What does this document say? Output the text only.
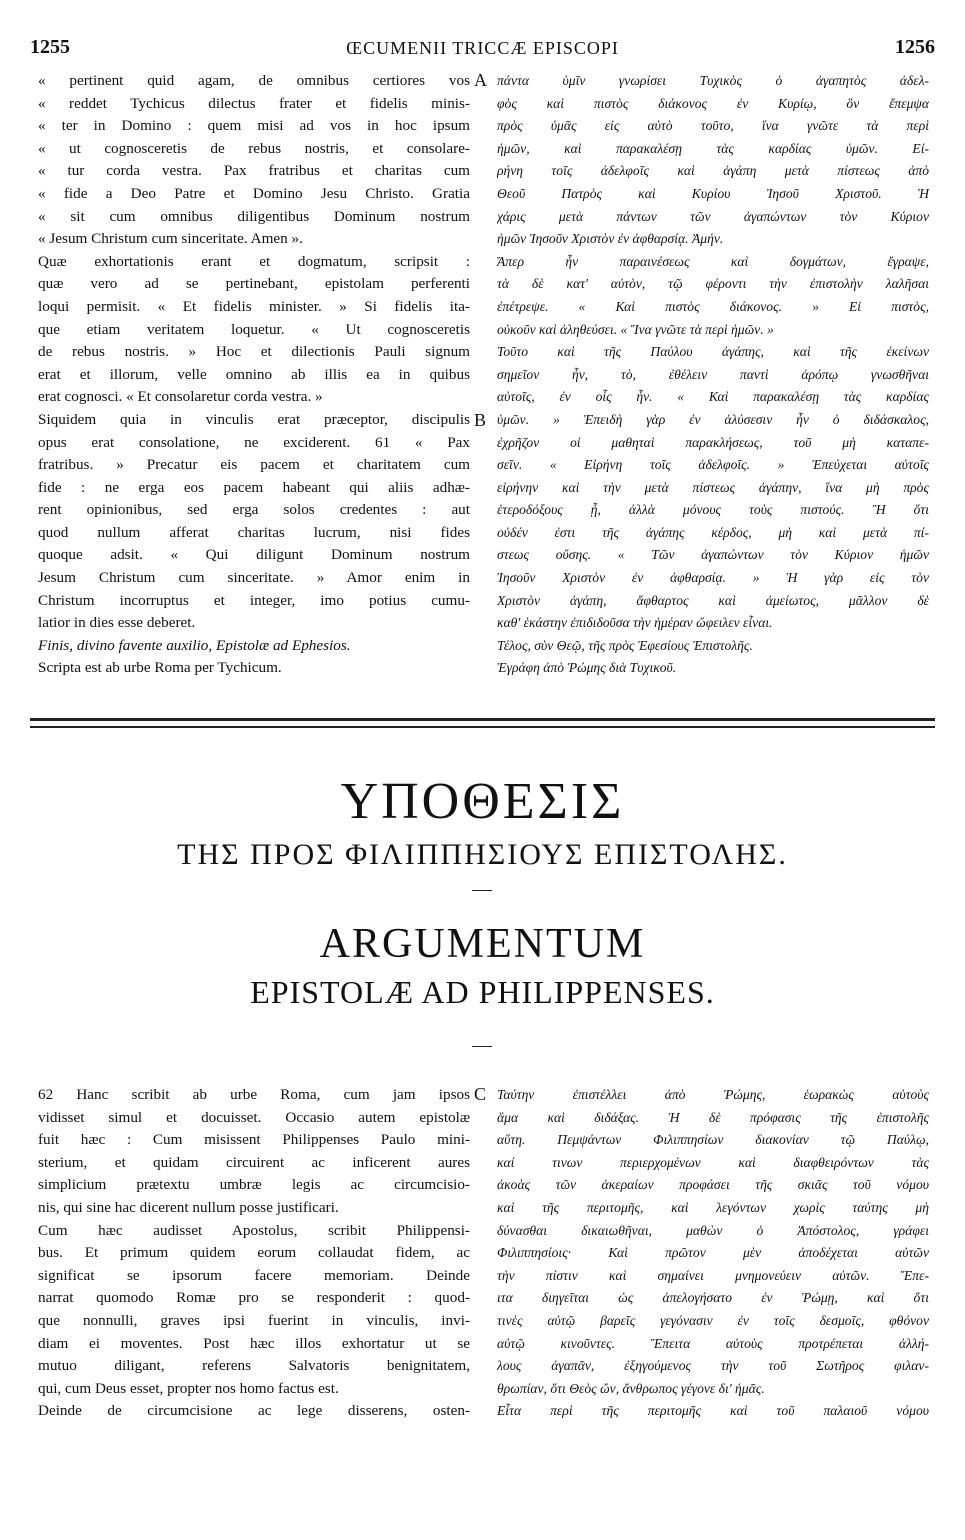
1255	ŒCUMENII TRICCÆ EPISCOPI	1256
« pertinent quid agam, de omnibus certiores vos
« reddet Tychicus dilectus frater et fidelis minis-
« ter in Domino : quem misi ad vos in hoc ipsum
« ut cognosceretis de rebus nostris, et consolare-
« tur corda vestra. Pax fratribus et charitas cum
« fide a Deo Patre et Domino Jesu Christo. Gratia
« sit cum omnibus diligentibus Dominum nostrum
« Jesum Christum cum sinceritate. Amen ».
Quæ exhortationis erant et dogmatum, scripsit :
quæ vero ad se pertinebant, epistolam perferenti
loqui permisit. « Et fidelis minister. » Si fidelis ita-
que etiam veritatem loquetur. « Ut cognosceretis
de rebus nostris. » Hoc et dilectionis Pauli signum
erat et illorum, velle omnino ab illis ea in quibus
erat cognosci. « Et consolaretur corda vestra. »
Siquidem quia in vinculis erat præceptor, discipulis
opus erat consolatione, ne exciderent. 61 « Pax
fratribus. » Precatur eis pacem et charitatem cum
fide : ne erga eos pacem habeant qui aliis adhæ-
rent opinionibus, sed erga solos credentes : aut
quod nullum afferat charitas lucrum, nisi fides
quoque adsit. « Qui diligunt Dominum nostrum
Jesum Christum cum sinceritate. » Amor enim in
Christum incorruptus et integer, imo potius cumu-
latior in dies esse deberet.
Finis, divino favente auxilio, Epistolæ ad Ephesios.
Scripta est ab urbe Roma per Tychicum.
A
B
πάντα ὑμῖν γνωρίσει Τυχικὸς ὁ ἀγαπητὸς ἀδελ-
φὸς καὶ πιστὸς διάκονος ἐν Κυρίῳ, ὃν ἔπεμψα
πρὸς ὑμᾶς εἰς αὐτὸ τοῦτο, ἵνα γνῶτε τὰ περὶ
ἡμῶν, καὶ παρακαλέσῃ τὰς καρδίας ὑμῶν. Εἰ-
ρήνη τοῖς ἀδελφοῖς καὶ ἀγάπη μετὰ πίστεως ἀπὸ
Θεοῦ Πατρὸς καὶ Κυρίου Ἰησοῦ Χριστοῦ. Ἡ
χάρις μετὰ πάντων τῶν ἀγαπώντων τὸν Κύριον
ἡμῶν Ἰησοῦν Χριστὸν ἐν ἀφθαρσίᾳ. Ἀμήν.
Ἅπερ ἦν παραινέσεως καὶ δογμάτων, ἔγραψε,
τὰ δὲ κατ' αὐτὸν, τῷ φέροντι τὴν ἐπιστολὴν λαλῆσαι
ἐπέτρεψε. « Καὶ πιστὸς διάκονος. » Εἰ πιστὸς,
οὐκοῦν καὶ ἀληθεύσει. « Ἵνα γνῶτε τὰ περὶ ἡμῶν. »
Τοῦτο καὶ τῆς Παύλου ἀγάπης, καὶ τῆς ἐκείνων
σημεῖον ἦν, τὸ, ἐθέλειν παντὶ ἀρόπῳ γνωσθῆναι
αὐτοῖς, ἐν οἷς ἦν. « Καὶ παρακαλέσῃ τὰς καρδίας
ὑμῶν. » Ἐπειδὴ γὰρ ἐν ἁλύσεσιν ἦν ὁ διδάσκαλος,
ἐχρῆζον οἱ μαθηταὶ παρακλήσεως, τοῦ μὴ καταπε-
σεῖν. « Εἰρήνη τοῖς ἀδελφοῖς. » Ἐπεύχεται αὐτοῖς
εἰρήνην καὶ τὴν μετὰ πίστεως ἀγάπην, ἵνα μὴ πρὸς
ἑτεροδόξους ᾖ, ἀλλὰ μόνους τοὺς πιστούς. Ἢ ὅτι
οὐδέν ἐστι τῆς ἀγάπης κέρδος, μὴ καὶ μετὰ πί-
στεως οὔσης. « Τῶν ἀγαπώντων τὸν Κύριον ἡμῶν
Ἰησοῦν Χριστὸν ἐν ἀφθαρσίᾳ. » Ἡ γὰρ εἰς τὸν
Χριστὸν ἀγάπη, ἄφθαρτος καὶ ἀμείωτος, μᾶλλον δὲ
καθ' ἑκάστην ἐπιδιδοῦσα τὴν ἡμέραν ὤφειλεν εἶναι.
Τέλος, σὺν Θεῷ, τῆς πρὸς Ἐφεσίους Ἐπιστολῆς.
Ἐγράφη ἀπὸ Ῥώμης διὰ Τυχικοῦ.
ΥΠΟΘΕΣΙΣ
ΤΗΣ ΠΡΟΣ ΦΙΛΙΠΠΗΣΙΟΥΣ ΕΠΙΣΤΟΛΗΣ.
ARGUMENTUM
EPISTOLÆ AD PHILIPPENSES.
62 Hanc scribit ab urbe Roma, cum jam ipsos
vidisset simul et docuisset. Occasio autem epistolæ
fuit hæc : Cum misissent Philippenses Paulo mini-
sterium, et quidam circuirent ac inficerent aures
simplicium prætextu umbræ legis ac circumcisio-
nis, qui sine hac dicerent nullum posse justificari.
Cum hæc audisset Apostolus, scribit Philippensi-
bus. Et primum quidem eorum collaudat fidem, ac
significat se ipsorum facere memoriam. Deinde
narrat quomodo Romæ pro se responderit : quod-
que nonnulli, graves ipsi fuerint in vinculis, invi-
diam ei moventes. Post hæc illos exhortatur ut se
mutuo diligant, referens Salvatoris benignitatem,
qui, cum Deus esset, propter nos homo factus est.
Deinde de circumcisione ac lege disserens, osten-
C Ταύτην ἐπιστέλλει ἀπὸ Ῥώμης, ἑωρακὼς αὐτοὺς
ἅμα καὶ διδάξας. Ἡ δὲ πρόφασις τῆς ἐπιστολῆς
αὕτη. Πεμψάντων Φιλιππησίων διακονίαν τῷ Παύλῳ,
καί τινων περιερχομένων καὶ διαφθειρόντων τὰς
ἀκοὰς τῶν ἀκεραίων προφάσει τῆς σκιᾶς τοῦ νόμου
καὶ τῆς περιτομῆς, καὶ λεγόντων χωρὶς ταύτης μὴ
δύνασθαι δικαιωθῆναι, μαθὼν ὁ Ἀπόστολος, γράφει
Φιλιππησίοις· Καὶ πρῶτον μὲν ἀποδέχεται αὐτῶν
τὴν πίστιν καὶ σημαίνει μνημονεύειν αὐτῶν. Ἔπε-
ιτα διηγεῖται ὡς ἀπελογήσατο ἐν Ῥώμῃ, καὶ ὅτι
τινὲς αὐτῷ βαρεῖς γεγόνασιν ἐν τοῖς δεσμοῖς, φθόνον
αὐτῷ κινοῦντες. Ἔπειτα αὐτοὺς προτρέπεται ἀλλή-
λους ἀγαπᾶν, ἐξηγούμενος τὴν τοῦ Σωτῆρος φιλαν-
θρωπίαν, ὅτι Θεὸς ὤν, ἄνθρωπος γέγονε δι' ἡμᾶς.
Εἶτα περὶ τῆς περιτομῆς καὶ τοῦ παλαιοῦ νόμου
